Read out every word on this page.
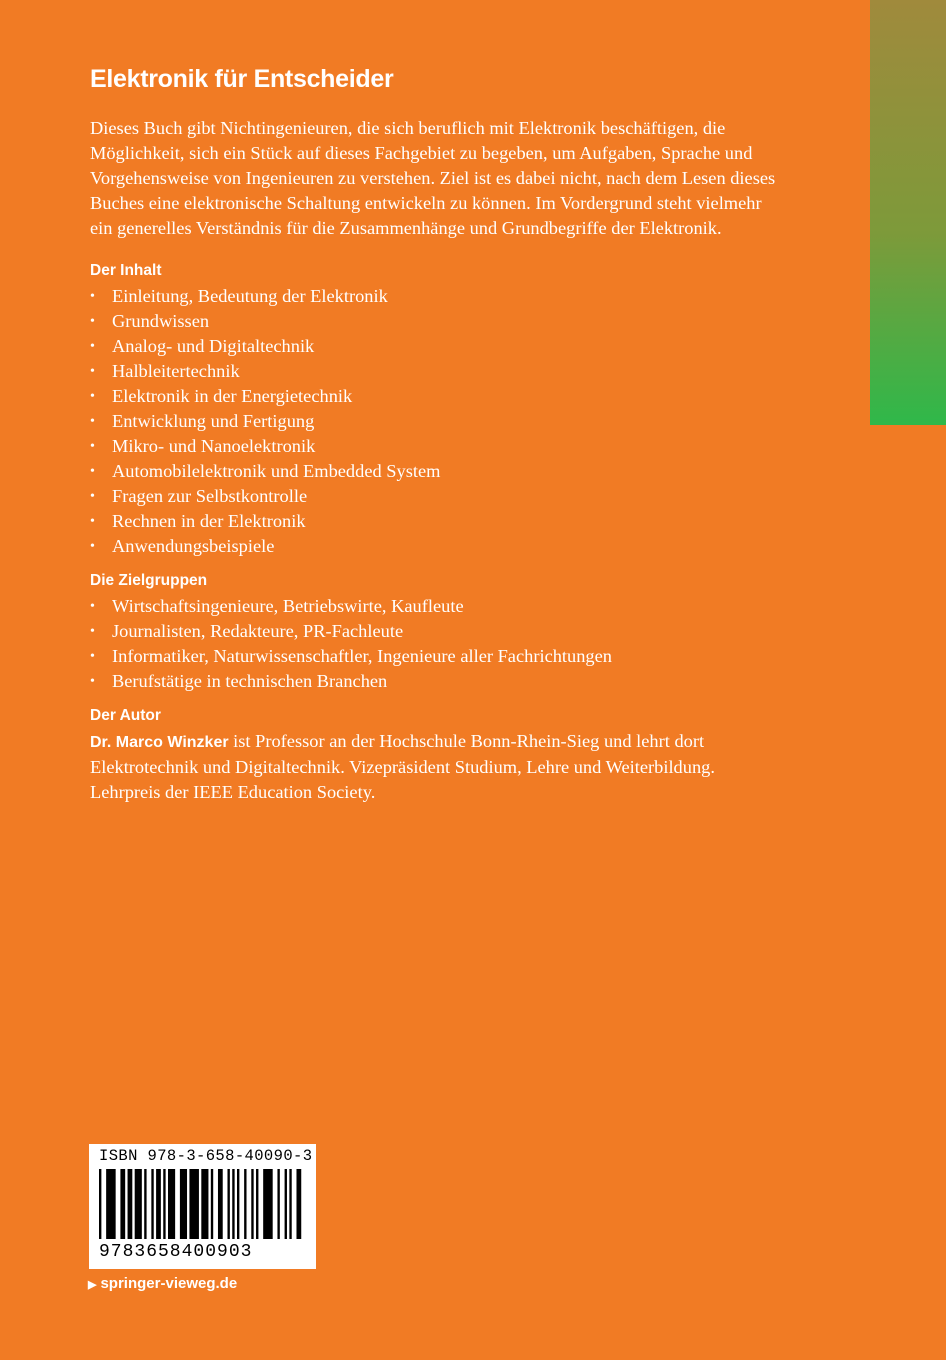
Elektronik für Entscheider

Dieses Buch gibt Nichtingenieuren, die sich beruflich mit Elektronik beschäftigen, die Möglichkeit, sich ein Stück auf dieses Fachgebiet zu begeben, um Aufgaben, Sprache und Vorgehensweise von Ingenieuren zu verstehen. Ziel ist es dabei nicht, nach dem Lesen dieses Buches eine elektronische Schaltung entwickeln zu können. Im Vordergrund steht vielmehr ein generelles Verständnis für die Zusammenhänge und Grundbegriffe der Elektronik.

Der Inhalt
• Einleitung, Bedeutung der Elektronik
• Grundwissen
• Analog- und Digitaltechnik
• Halbleitertechnik
• Elektronik in der Energietechnik
• Entwicklung und Fertigung
• Mikro- und Nanoelektronik
• Automobilelektronik und Embedded System
• Fragen zur Selbstkontrolle
• Rechnen in der Elektronik
• Anwendungsbeispiele
Die Zielgruppen
• Wirtschaftsingenieure, Betriebswirte, Kaufleute
• Journalisten, Redakteure, PR-Fachleute
• Informatiker, Naturwissenschaftler, Ingenieure aller Fachrichtungen
• Berufstätige in technischen Branchen
Der Autor

Dr. Marco Winzker ist Professor an der Hochschule Bonn-Rhein-Sieg und lehrt dort Elektrotechnik und Digitaltechnik. Vizepräsident Studium, Lehre und Weiterbildung. Lehrpreis der IEEE Education Society.

ISBN 978-3-658-40090-3
9783658400903
▶ springer-vieweg.de
